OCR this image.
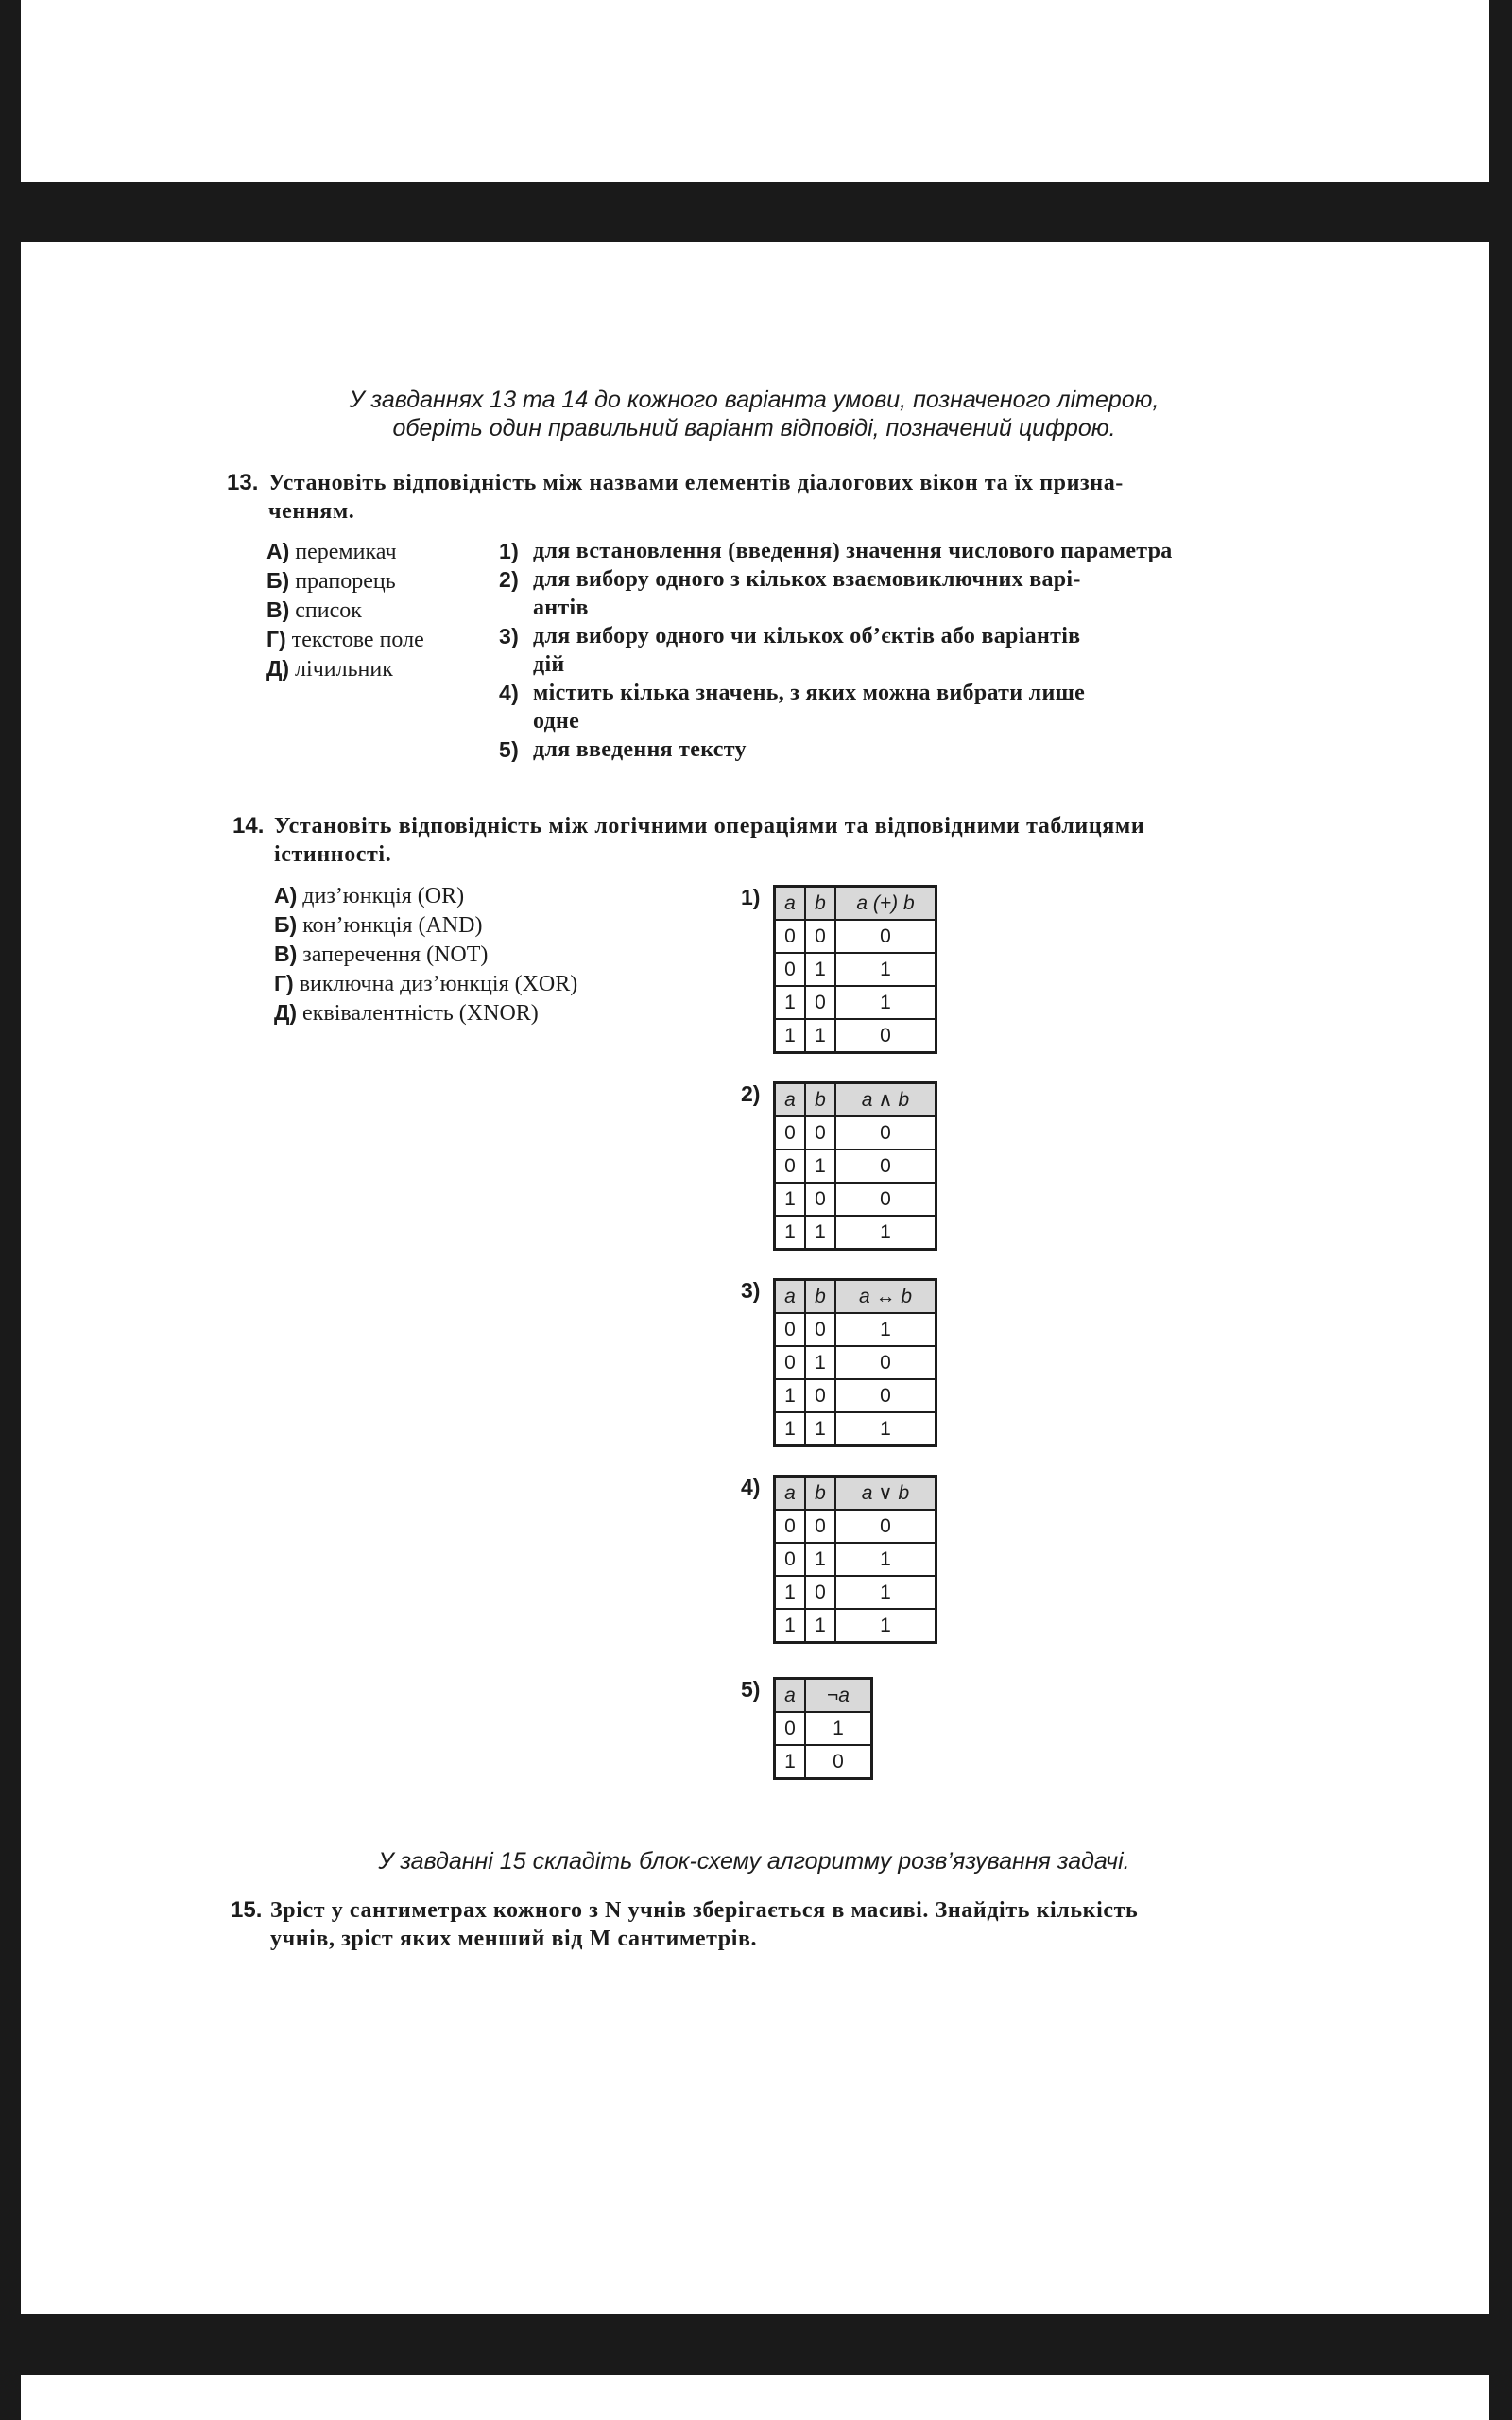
У завданнях 13 та 14 до кожного варіанта умови, позначеного літерою,
оберіть один правильний варіант відповіді, позначений цифрою.
13. Установіть відповідність між назвами елементів діалогових вікон та їх призна-
ченням.
А) перемикач
Б) прапорець
В) список
Г) текстове поле
Д) лічильник
1) для встановлення (введення) значення числового параметра
2) для вибору одного з кількох взаємовиключних варі-
антів
3) для вибору одного чи кількох об’єктів або варіантів
дій
4) містить кілька значень, з яких можна вибрати лише
одне
5) для введення тексту
14. Установіть відповідність між логічними операціями та відповідними таблицями
істинності.
А) диз’юнкція (OR)
Б) кон’юнкція (AND)
В) заперечення (NOT)
Г) виключна диз’юнкція (XOR)
Д) еквівалентність (XNOR)
1) a	b	a (+) b
0	0	0
0	1	1
1	0	1
1	1	0
2) a	b	a ∧ b
0	0	0
0	1	0
1	0	0
1	1	1
3) a	b	a ↔ b
0	0	1
0	1	0
1	0	0
1	1	1
4) a	b	a ∨ b
0	0	0
0	1	1
1	0	1
1	1	1
5) a	¬a
0	1
1	0
У завданні 15 складіть блок-схему алгоритму розв’язування задачі.
15. Зріст у сантиметрах кожного з N учнів зберігається в масиві. Знайдіть кількість
учнів, зріст яких менший від M сантиметрів.
